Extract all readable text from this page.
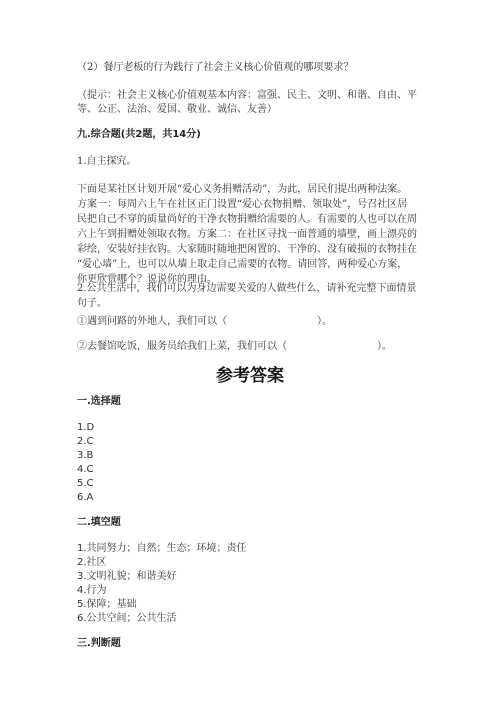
（2）餐厅老板的行为践行了社会主义核心价值观的哪项要求？
（提示：社会主义核心价值观基本内容：富强、民主、文明、和谐、自由、平
等、公正、法治、爱国、敬业、诚信、友善）
九.综合题(共2题，共14分)
1.自主探究。
下面是某社区计划开展“爱心义务捐赠活动”，为此，居民们提出两种法案。
方案一：每周六上午在社区正门设置“爱心衣物捐赠、领取处”，号召社区居
民把自己不穿的质量尚好的干净衣物捐赠给需要的人。有需要的人也可以在周
六上午到捐赠处领取衣物。方案二：在社区寻找一面普通的墙壁，画上漂亮的
彩绘，安装好挂衣钩。大家随时随地把闲置的、干净的、没有破损的衣物挂在
“爱心墙”上，也可以从墙上取走自己需要的衣物。请回答，两种爱心方案，
你更欣赏哪个？说说你的理由。
2.公共生活中，我们可以为身边需要关爱的人做些什么，请补充完整下面情景
句子。
①遇到问路的外地人，我们可以（	）。
②去餐馆吃饭，服务员给我们上菜，我们可以（	）。
参考答案
一.选择题
1.D
2.C
3.B
4.C
5.C
6.A
二.填空题
1.共同努力；自然；生态；环境；责任
2.社区
3.文明礼貌；和谐美好
4.行为
5.保障；基础
6.公共空间；公共生活
三.判断题
